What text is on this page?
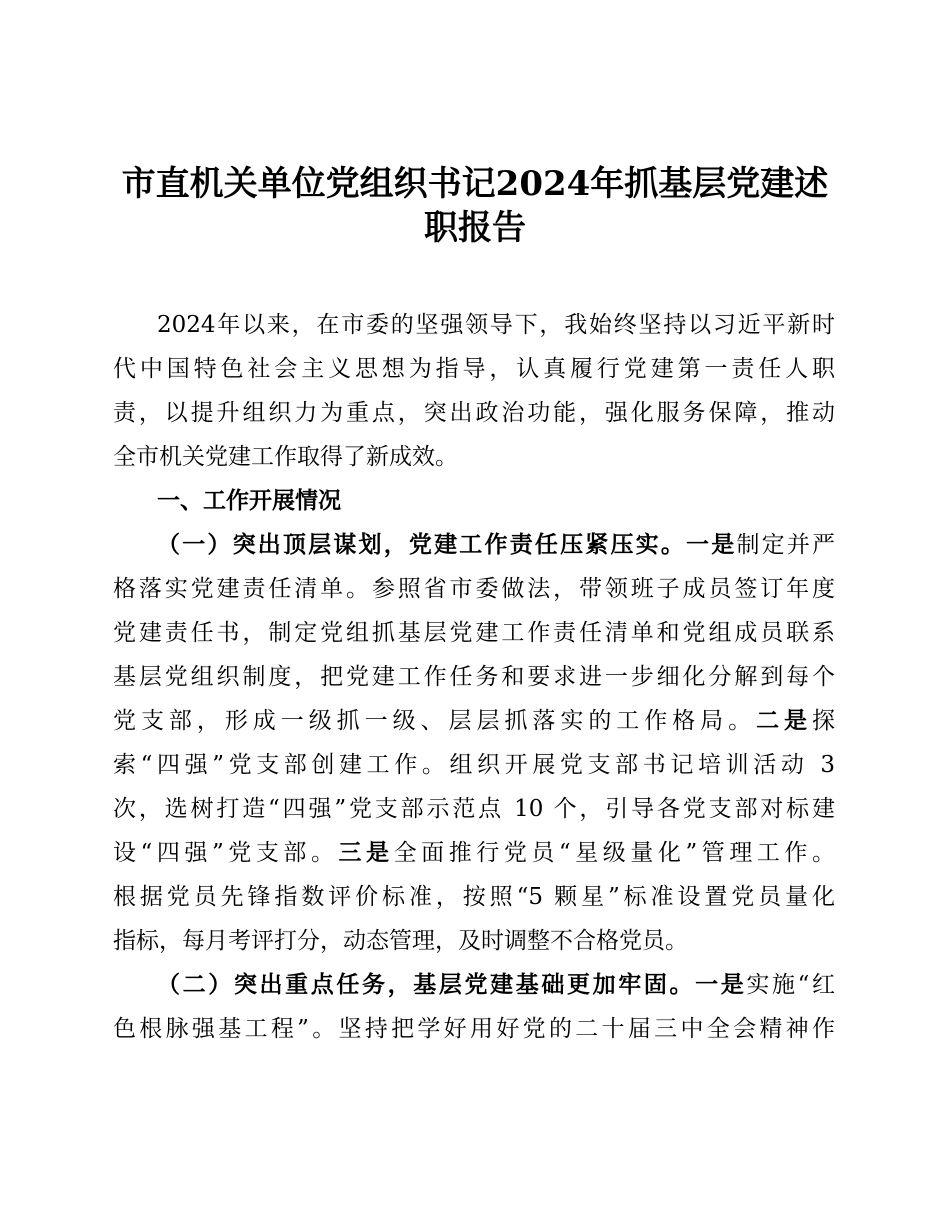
市直机关单位党组织书记2024年抓基层党建述
职报告
2024年以来，在市委的坚强领导下，我始终坚持以习近平新时
代中国特色社会主义思想为指导，认真履行党建第一责任人职
责，以提升组织力为重点，突出政治功能，强化服务保障，推动
全市机关党建工作取得了新成效。
一、工作开展情况
（一）突出顶层谋划，党建工作责任压紧压实。一是制定并严
格落实党建责任清单。参照省市委做法，带领班子成员签订年度
党建责任书，制定党组抓基层党建工作责任清单和党组成员联系
基层党组织制度，把党建工作任务和要求进一步细化分解到每个
党支部，形成一级抓一级、层层抓落实的工作格局。二是探
索“四强”党支部创建工作。组织开展党支部书记培训活动 3
次，选树打造“四强”党支部示范点 10 个，引导各党支部对标建
设“四强”党支部。三是全面推行党员“星级量化”管理工作。
根据党员先锋指数评价标准，按照“5 颗星”标准设置党员量化
指标，每月考评打分，动态管理，及时调整不合格党员。
（二）突出重点任务，基层党建基础更加牢固。一是实施“红
色根脉强基工程”。坚持把学好用好党的二十届三中全会精神作
